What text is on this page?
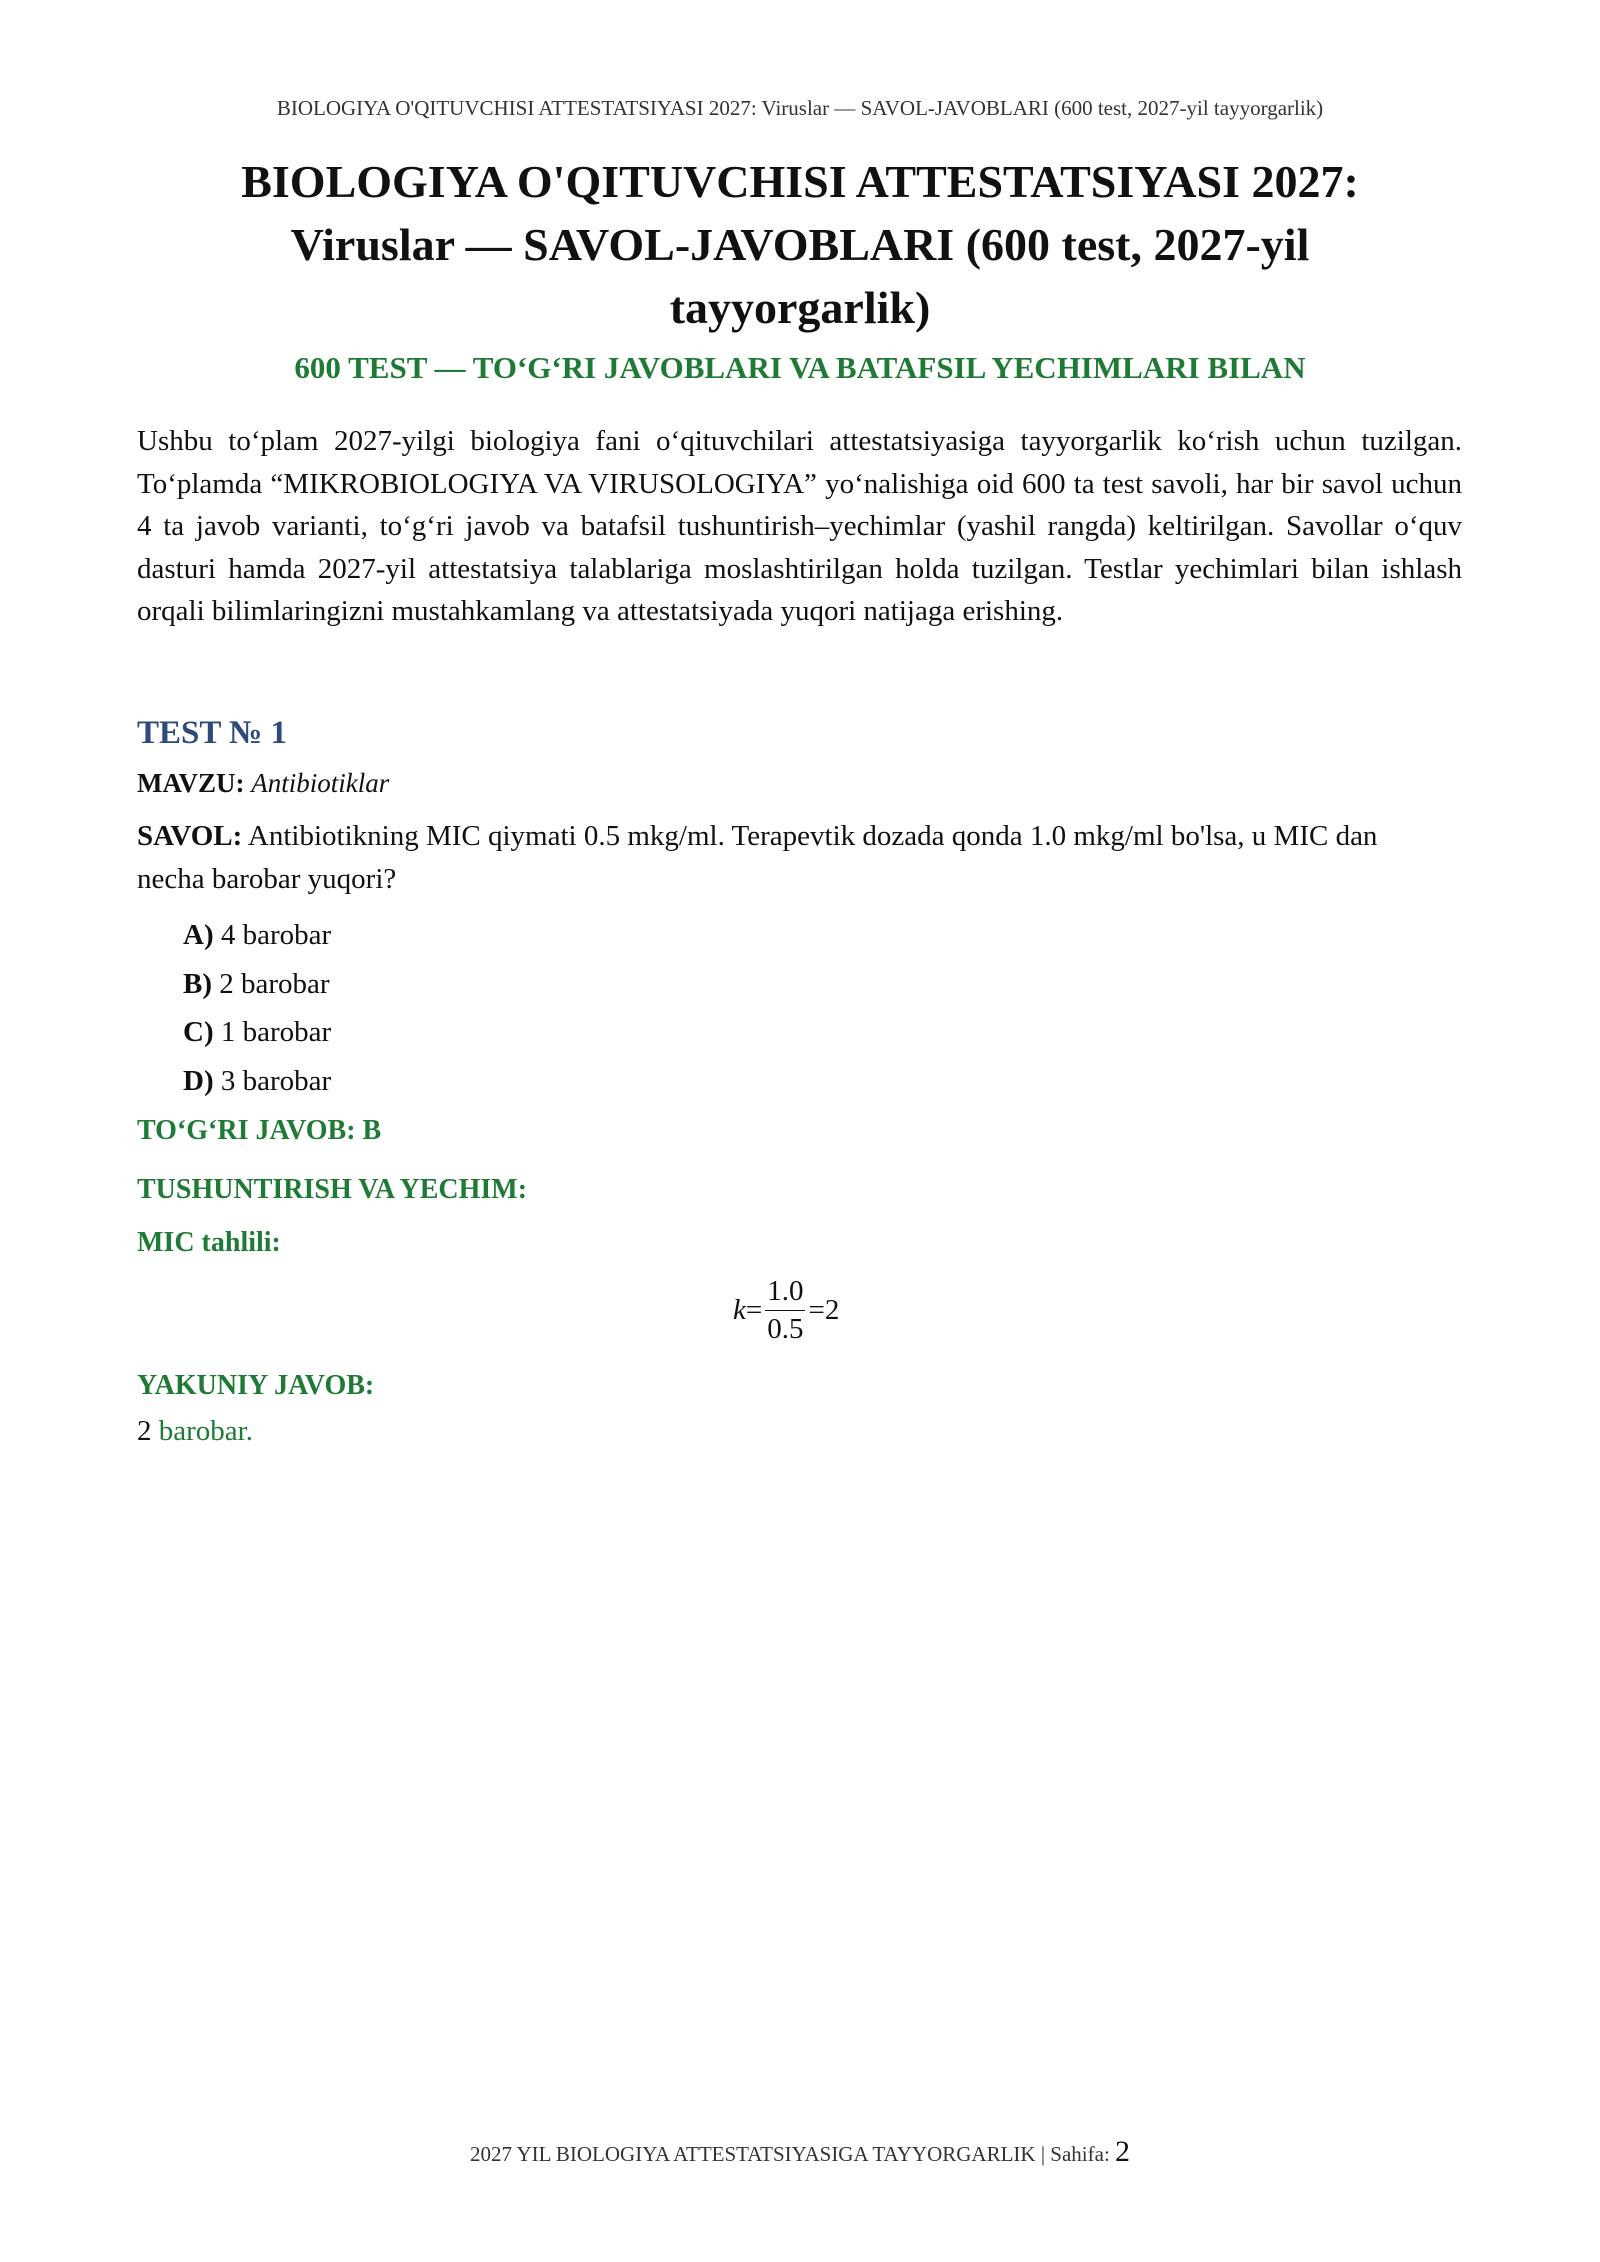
BIOLOGIYA O'QITUVCHISI ATTESTATSIYASI 2027: Viruslar — SAVOL-JAVOBLARI (600 test, 2027-yil tayyorgarlik)
BIOLOGIYA O'QITUVCHISI ATTESTATSIYASI 2027:
Viruslar — SAVOL-JAVOBLARI (600 test, 2027-yil
tayyorgarlik)
600 TEST — TO‘G‘RI JAVOBLARI VA BATAFSIL YECHIMLARI BILAN

Ushbu to‘plam 2027-yilgi biologiya fani o‘qituvchilari attestatsiyasiga tayyorgarlik ko‘rish uchun tuzilgan. To‘plamda “MIKROBIOLOGIYA VA VIRUSOLOGIYA” yo‘nalishiga oid 600 ta test savoli, har bir savol uchun 4 ta javob varianti, to‘g‘ri javob va batafsil tushuntirish–yechimlar (yashil rangda) keltirilgan. Savollar o‘quv dasturi hamda 2027-yil attestatsiya talablariga moslashtirilgan holda tuzilgan. Testlar yechimlari bilan ishlash orqali bilimlaringizni mustahkamlang va attestatsiyada yuqori natijaga erishing.

TEST № 1
MAVZU: Antibiotiklar

SAVOL: Antibiotikning MIC qiymati 0.5 mkg/ml. Terapevtik dozada qonda 1.0 mkg/ml bo'lsa, u MIC dan necha barobar yuqori?

A) 4 barobar
B) 2 barobar
C) 1 barobar
D) 3 barobar
TO‘G‘RI JAVOB: B
TUSHUNTIRISH VA YECHIM:
MIC tahlili:
$k = \frac{1.0}{0.5} = 2$
YAKUNIY JAVOB:
2 barobar.
2027 YIL BIOLOGIYA ATTESTATSIYASIGA TAYYORGARLIK | Sahifa: 2
